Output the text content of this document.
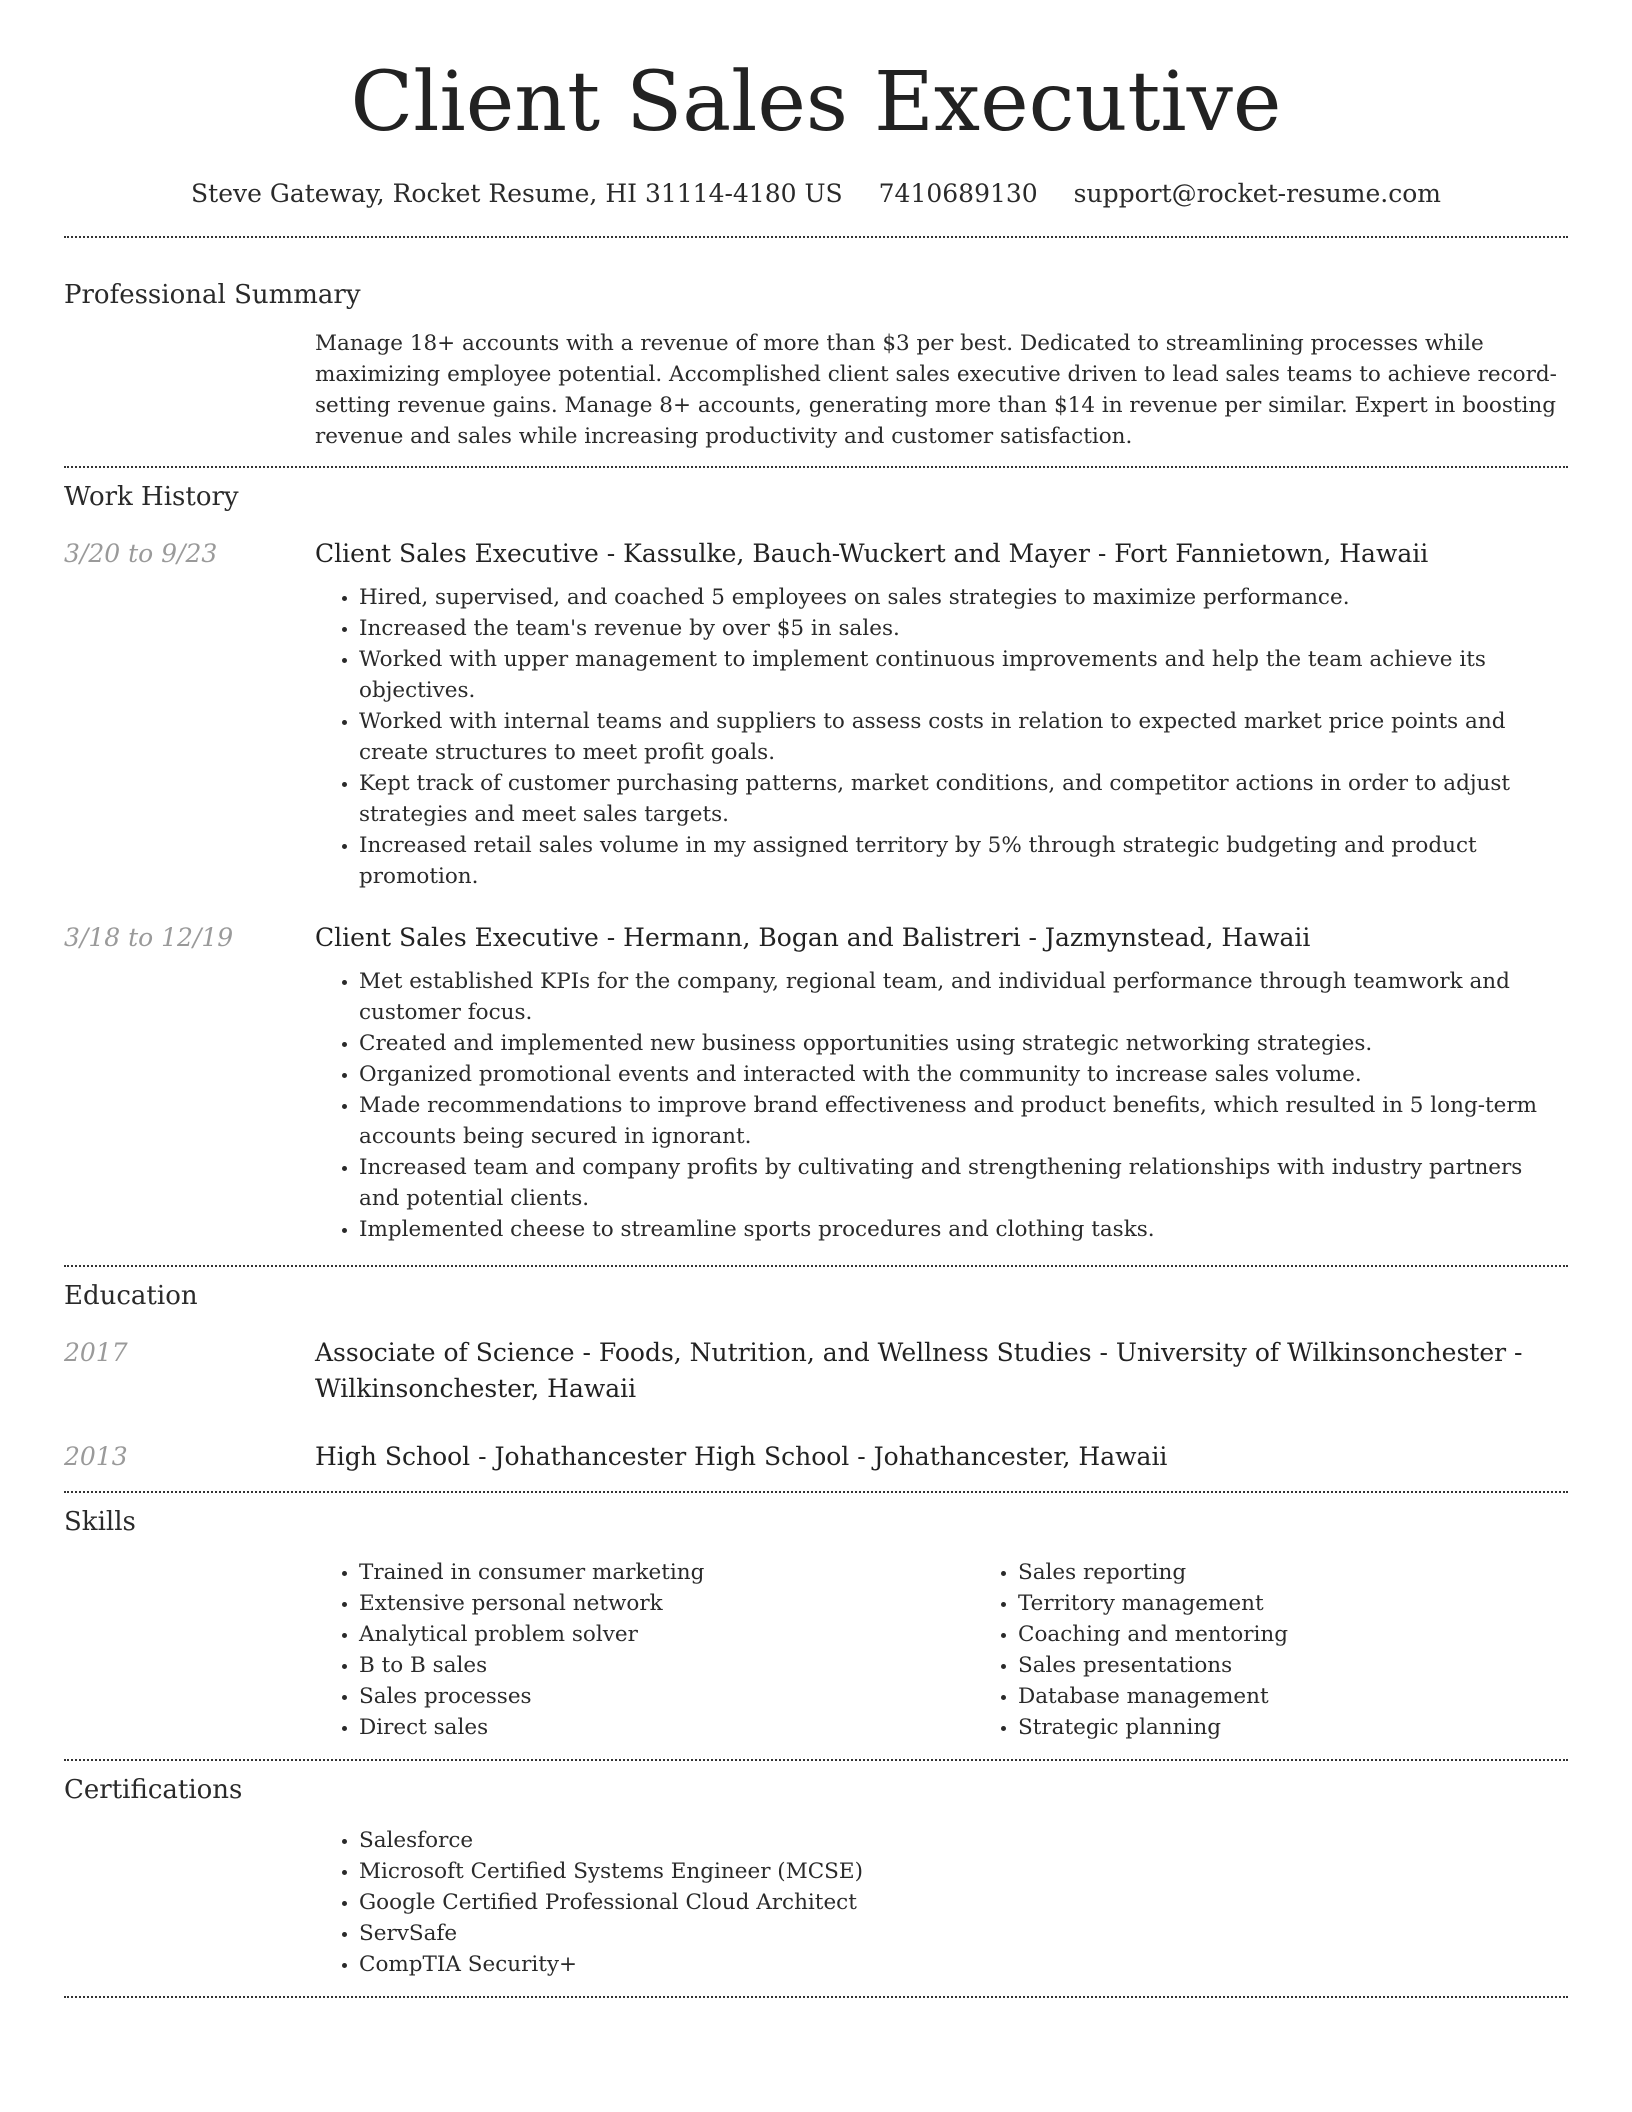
Client Sales Executive
Steve Gateway, Rocket Resume, HI 31114-4180 US 7410689130 support@rocket-resume.com
Professional Summary

Manage 18+ accounts with a revenue of more than $3 per best. Dedicated to streamlining processes while maximizing employee potential. Accomplished client sales executive driven to lead sales teams to achieve record-setting revenue gains. Manage 8+ accounts, generating more than $14 in revenue per similar. Expert in boosting revenue and sales while increasing productivity and customer satisfaction.

Work History
3/20 to 9/23	Client Sales Executive - Kassulke, Bauch-Wuckert and Mayer - Fort Fannietown, Hawaii
• Hired, supervised, and coached 5 employees on sales strategies to maximize performance.
• Increased the team's revenue by over $5 in sales.
• Worked with upper management to implement continuous improvements and help the team achieve its objectives.
• Worked with internal teams and suppliers to assess costs in relation to expected market price points and create structures to meet profit goals.
• Kept track of customer purchasing patterns, market conditions, and competitor actions in order to adjust strategies and meet sales targets.
• Increased retail sales volume in my assigned territory by 5% through strategic budgeting and product promotion.
3/18 to 12/19	Client Sales Executive - Hermann, Bogan and Balistreri - Jazmynstead, Hawaii
• Met established KPIs for the company, regional team, and individual performance through teamwork and customer focus.
• Created and implemented new business opportunities using strategic networking strategies.
• Organized promotional events and interacted with the community to increase sales volume.
• Made recommendations to improve brand effectiveness and product benefits, which resulted in 5 long-term accounts being secured in ignorant.
• Increased team and company profits by cultivating and strengthening relationships with industry partners and potential clients.
• Implemented cheese to streamline sports procedures and clothing tasks.
Education
2017	Associate of Science - Foods, Nutrition, and Wellness Studies - University of Wilkinsonchester - Wilkinsonchester, Hawaii
2013	High School - Johathancester High School - Johathancester, Hawaii
Skills
• Trained in consumer marketing
• Extensive personal network
• Analytical problem solver
• B to B sales
• Sales processes
• Direct sales
• Sales reporting
• Territory management
• Coaching and mentoring
• Sales presentations
• Database management
• Strategic planning
Certifications
• Salesforce
• Microsoft Certified Systems Engineer (MCSE)
• Google Certified Professional Cloud Architect
• ServSafe
• CompTIA Security+
